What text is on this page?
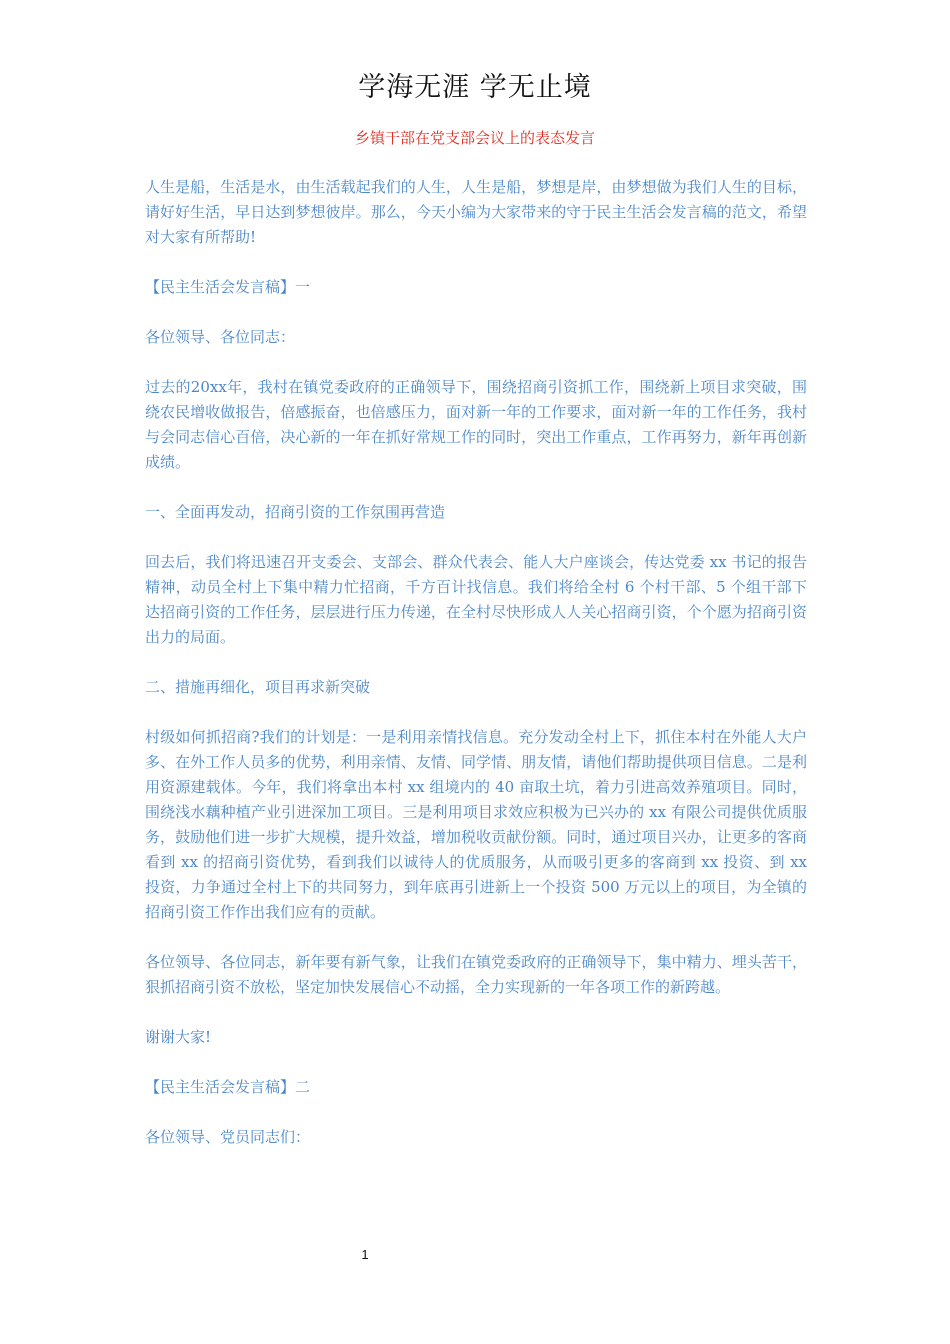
学海无涯 学无止境
乡镇干部在党支部会议上的表态发言

人生是船，生活是水，由生活载起我们的人生，人生是船，梦想是岸，由梦想做为我们人生的目标，请好好生活，早日达到梦想彼岸。那么，今天小编为大家带来的守于民主生活会发言稿的范文，希望对大家有所帮助!

【民主生活会发言稿】一

各位领导、各位同志：

过去的20xx年，我村在镇党委政府的正确领导下，围绕招商引资抓工作，围绕新上项目求突破，围绕农民增收做报告，倍感振奋，也倍感压力，面对新一年的工作要求，面对新一年的工作任务，我村与会同志信心百倍，决心新的一年在抓好常规工作的同时，突出工作重点，工作再努力，新年再创新成绩。

一、全面再发动，招商引资的工作氛围再营造

回去后，我们将迅速召开支委会、支部会、群众代表会、能人大户座谈会，传达党委 xx 书记的报告精神，动员全村上下集中精力忙招商，千方百计找信息。我们将给全村 6 个村干部、5 个组干部下达招商引资的工作任务，层层进行压力传递，在全村尽快形成人人关心招商引资，个个愿为招商引资出力的局面。

二、措施再细化，项目再求新突破

村级如何抓招商?我们的计划是：一是利用亲情找信息。充分发动全村上下，抓住本村在外能人大户多、在外工作人员多的优势，利用亲情、友情、同学情、朋友情，请他们帮助提供项目信息。二是利用资源建载体。今年，我们将拿出本村 xx 组境内的 40 亩取土坑，着力引进高效养殖项目。同时，围绕浅水藕种植产业引进深加工项目。三是利用项目求效应积极为已兴办的 xx 有限公司提供优质服务，鼓励他们进一步扩大规模，提升效益，增加税收贡献份额。同时，通过项目兴办，让更多的客商看到 xx 的招商引资优势，看到我们以诚待人的优质服务，从而吸引更多的客商到 xx 投资、到 xx 投资，力争通过全村上下的共同努力，到年底再引进新上一个投资 500 万元以上的项目，为全镇的招商引资工作作出我们应有的贡献。

各位领导、各位同志，新年要有新气象，让我们在镇党委政府的正确领导下，集中精力、埋头苦干，狠抓招商引资不放松，坚定加快发展信心不动摇，全力实现新的一年各项工作的新跨越。

谢谢大家!

【民主生活会发言稿】二

各位领导、党员同志们：

1
